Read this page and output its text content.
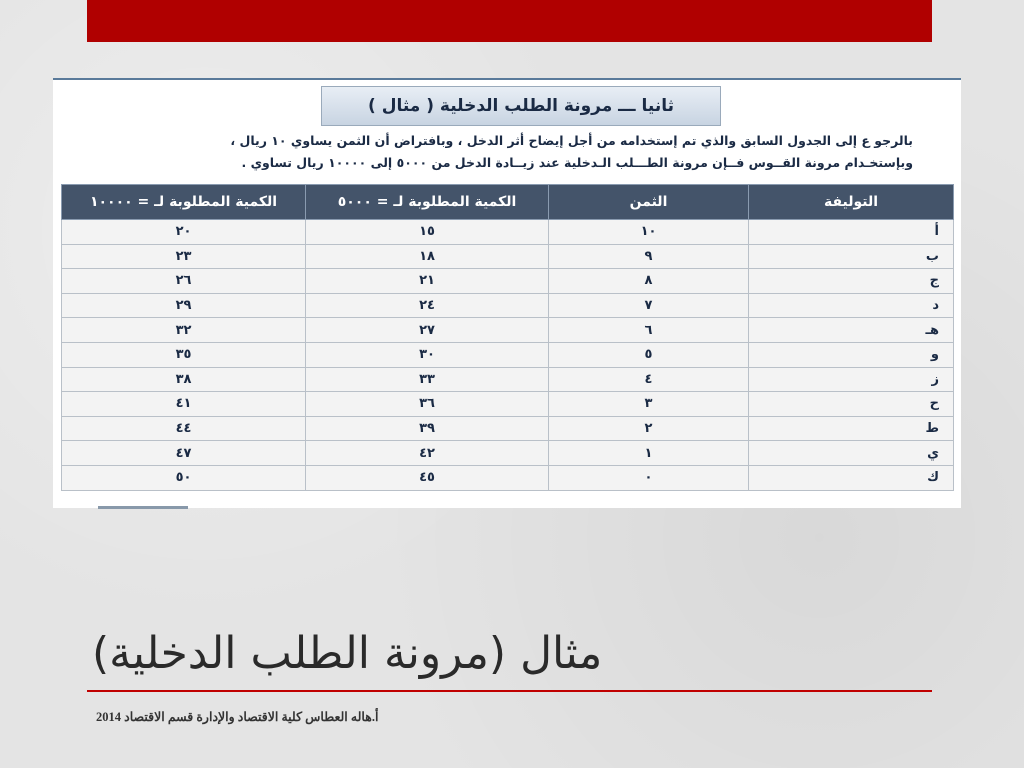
ثانيا ـــ مرونة الطلب الدخلية ( مثال )
بالرجو ع إلى الجدول السابق والذي تم إستخدامه من أجل إيضاح أثر الدخل ، وبافتراض أن الثمن يساوي ١٠ ريال ،
وبإستخـدام مرونة القــوس فــإن مرونة الطـــلب الـدخلية عند زيــادة الدخل من ٥٠٠٠ إلى ١٠٠٠٠ ريال تساوي .
التوليفة	الثمن	الكمية المطلوبة لـ = ٥٠٠٠	الكمية المطلوبة لـ = ١٠٠٠٠
أ	١٠	١٥	٢٠
ب	٩	١٨	٢٣
ج	٨	٢١	٢٦
د	٧	٢٤	٢٩
هـ	٦	٢٧	٣٢
و	٥	٣٠	٣٥
ز	٤	٣٣	٣٨
ح	٣	٣٦	٤١
ط	٢	٣٩	٤٤
ي	١	٤٢	٤٧
ك	٠	٤٥	٥٠
مثال (مرونة الطلب الدخلية)
أ.هاله العطاس كلية الاقتصاد والإدارة قسم الاقتصاد 2014
